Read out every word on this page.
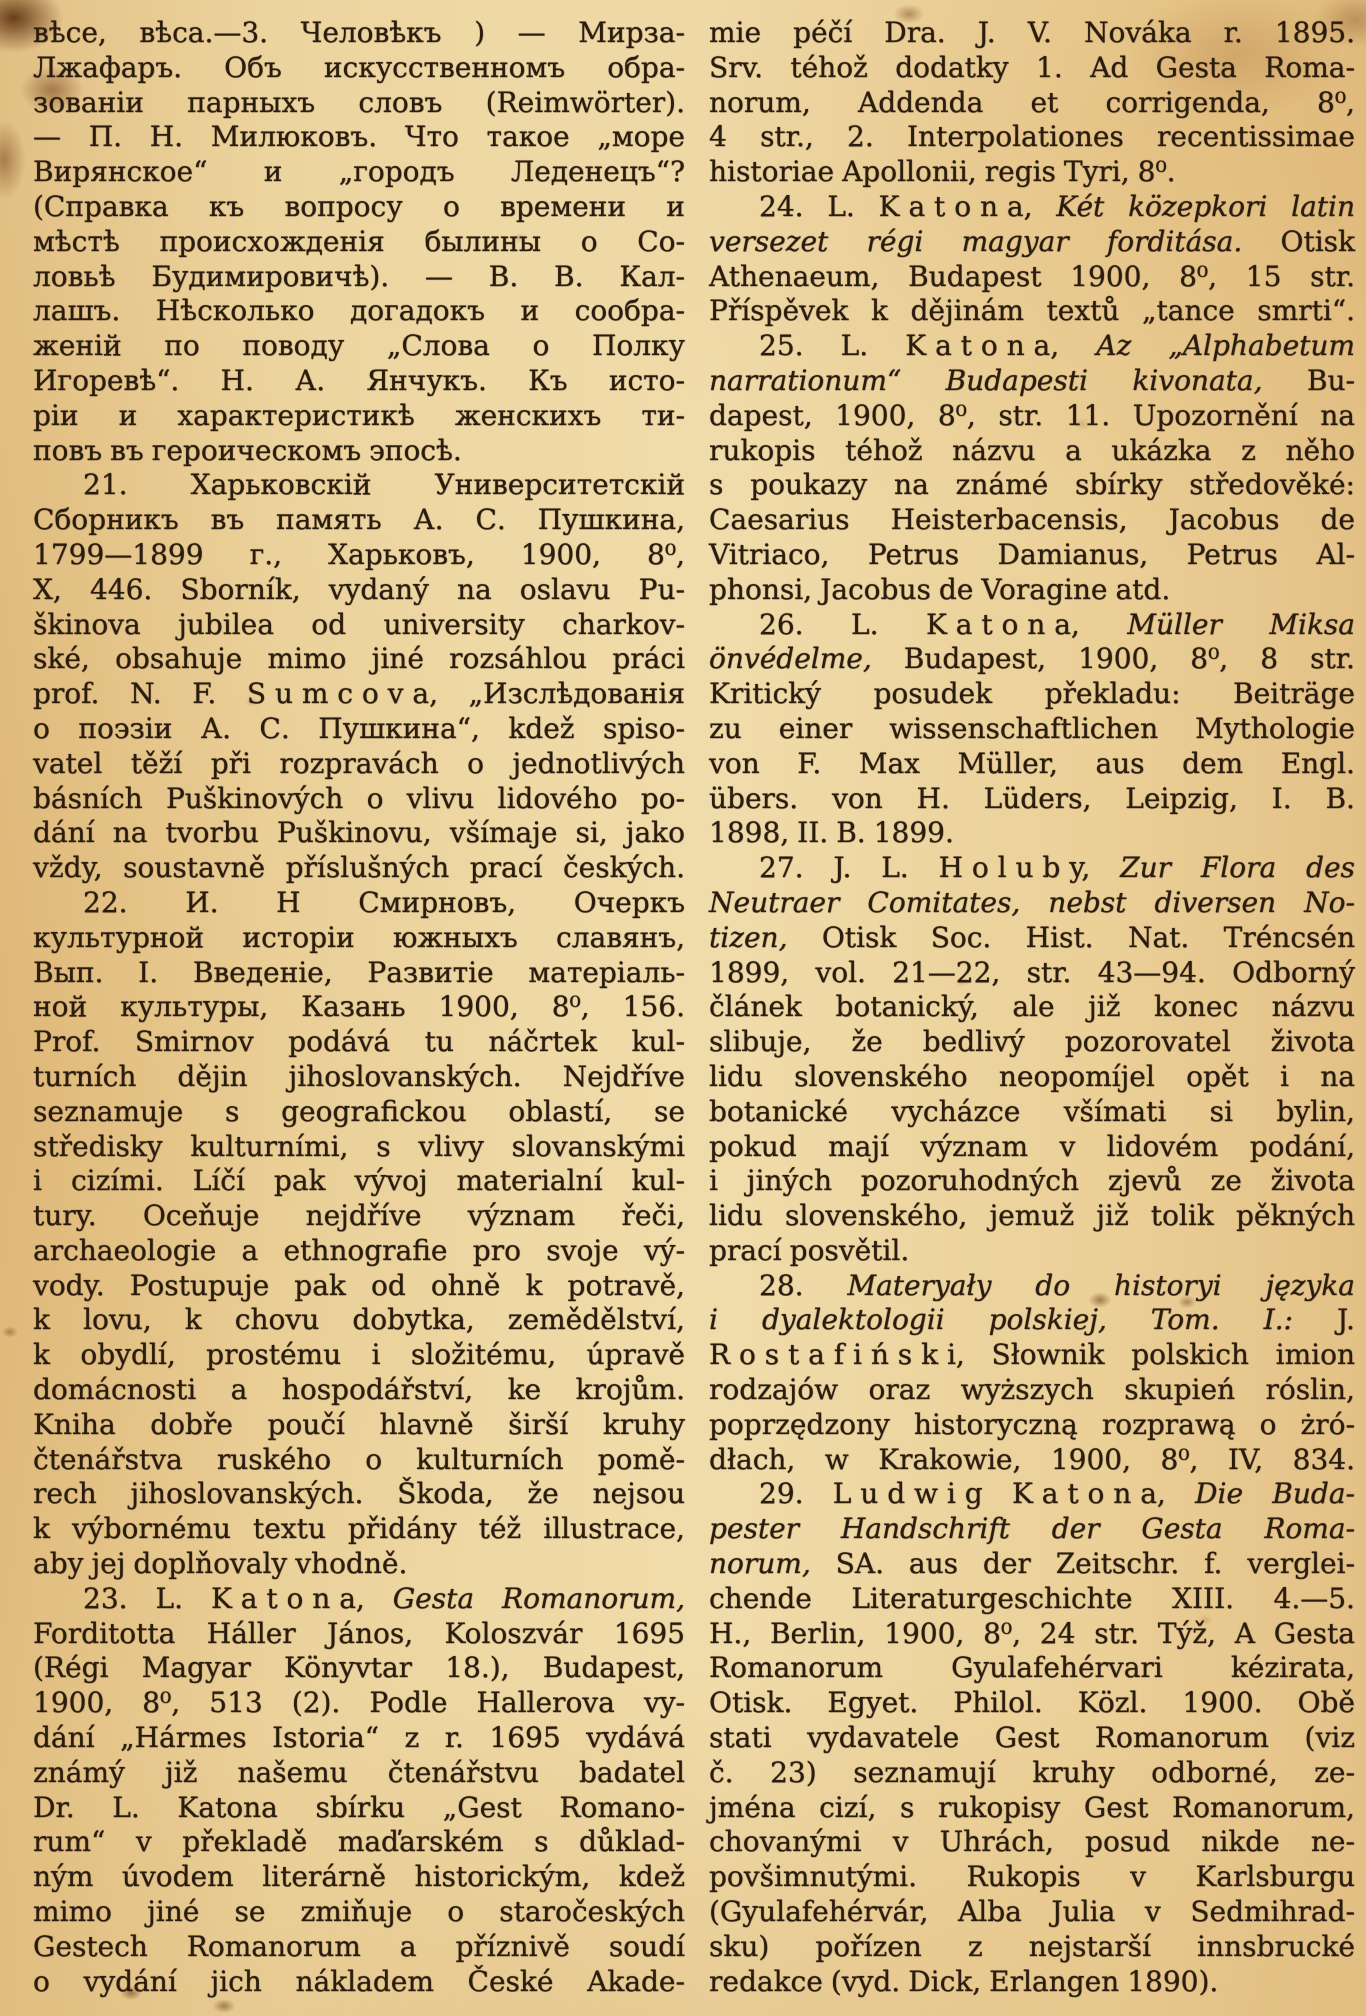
вѣсе, вѣса.—3. Человѣкъ ) — Мирза-
Лжафаръ. Объ искусственномъ обра-
зованіи парныхъ словъ (Reimwörter).
— П. Н. Милюковъ. Что такое „море
Вирянское“ и „городъ Леденецъ“?
(Справка къ вопросу о времени и
мѣстѣ происхожденія былины о Со-
ловьѣ Будимировичѣ). — В. В. Кал-
лашъ. Нѣсколько догадокъ и сообра-
женій по поводу „Слова о Полку
Игоревѣ“. Н. А. Янчукъ. Къ исто-
ріи и характеристикѣ женскихъ ти-
повъ въ героическомъ эпосѣ.
21. Харьковскій Университетскій
Сборникъ въ память А. С. Пушкина,
1799—1899 г., Харьковъ, 1900, 8⁰,
X, 446. Sborník, vydaný na oslavu Pu-
škinova jubilea od university charkov-
ské, obsahuje mimo jiné rozsáhlou práci
prof. N. F. S u m c o v a, „Изслѣдованія
о поэзіи А. С. Пушкина“, kdež spiso-
vatel těží při rozpravách o jednotlivých
básních Puškinových o vlivu lidového po-
dání na tvorbu Puškinovu, všímaje si, jako
vždy, soustavně příslušných prací českých.
22. И. Н Смирновъ, Очеркъ
культурной исторіи южныхъ славянъ,
Вып. I. Введеніе, Развитіе матеріаль-
ной культуры, Казань 1900, 8⁰, 156.
Prof. Smirnov podává tu náčrtek kul-
turních dějin jihoslovanských. Nejdříve
seznamuje s geografickou oblastí, se
středisky kulturními, s vlivy slovanskými
i cizími. Líčí pak vývoj materialní kul-
tury. Oceňuje nejdříve význam řeči,
archaeologie a ethnografie pro svoje vý-
vody. Postupuje pak od ohně k potravě,
k lovu, k chovu dobytka, zemědělství,
k obydlí, prostému i složitému, úpravě
domácnosti a hospodářství, ke krojům.
Kniha dobře poučí hlavně širší kruhy
čtenářstva ruského o kulturních pomě-
rech jihoslovanských. Škoda, že nejsou
k výbornému textu přidány též illustrace,
aby jej doplňovaly vhodně.
23. L. K a t o n a, Gesta Romanorum,
Forditotta Háller János, Koloszvár 1695
(Régi Magyar Könyvtar 18.), Budapest,
1900, 8⁰, 513 (2). Podle Hallerova vy-
dání „Hármes Istoria“ z r. 1695 vydává
známý již našemu čtenářstvu badatel
Dr. L. Katona sbírku „Gest Romano-
rum“ v překladě maďarském s důklad-
ným úvodem literárně historickým, kdež
mimo jiné se zmiňuje o staročeských
Gestech Romanorum a příznivě soudí
o vydání jich nákladem České Akade-
mie péčí Dra. J. V. Nováka r. 1895.
Srv. téhož dodatky 1. Ad Gesta Roma-
norum, Addenda et corrigenda, 8⁰,
4 str., 2. Interpolationes recentissimae
historiae Apollonii, regis Tyri, 8⁰.
24. L. K a t o n a, Két közepkori latin
versezet régi magyar forditása. Otisk
Athenaeum, Budapest 1900, 8⁰, 15 str.
Příspěvek k dějinám textů „tance smrti“.
25. L. K a t o n a, Az „Alphabetum
narrationum“ Budapesti kivonata, Bu-
dapest, 1900, 8⁰, str. 11. Upozornění na
rukopis téhož názvu a ukázka z něho
s poukazy na známé sbírky středověké:
Caesarius Heisterbacensis, Jacobus de
Vitriaco, Petrus Damianus, Petrus Al-
phonsi, Jacobus de Voragine atd.
26. L. K a t o n a, Müller Miksa
önvédelme, Budapest, 1900, 8⁰, 8 str.
Kritický posudek překladu: Beiträge
zu einer wissenschaftlichen Mythologie
von F. Max Müller, aus dem Engl.
übers. von H. Lüders, Leipzig, I. B.
1898, II. B. 1899.
27. J. L. H o l u b y, Zur Flora des
Neutraer Comitates, nebst diversen No-
tizen, Otisk Soc. Hist. Nat. Tréncsén
1899, vol. 21—22, str. 43—94. Odborný
článek botanický, ale již konec názvu
slibuje, že bedlivý pozorovatel života
lidu slovenského neopomíjel opět i na
botanické vycházce všímati si bylin,
pokud mají význam v lidovém podání,
i jiných pozoruhodných zjevů ze života
lidu slovenského, jemuž již tolik pěkných
prací posvětil.
28. Materyały do historyi języka
i dyalektologii polskiej, Tom. I.: J.
R o s t a f i ń s k i, Słownik polskich imion
rodzajów oraz wyższych skupień róslin,
poprzędzony historyczną rozprawą o żró-
dłach, w Krakowie, 1900, 8⁰, IV, 834.
29. L u d w i g K a t o n a, Die Buda-
pester Handschrift der Gesta Roma-
norum, SA. aus der Zeitschr. f. verglei-
chende Literaturgeschichte XIII. 4.—5.
H., Berlin, 1900, 8⁰, 24 str. Týž, A Gesta
Romanorum Gyulafehérvari kézirata,
Otisk. Egyet. Philol. Közl. 1900. Obě
stati vydavatele Gest Romanorum (viz
č. 23) seznamují kruhy odborné, ze-
jména cizí, s rukopisy Gest Romanorum,
chovanými v Uhrách, posud nikde ne-
povšimnutými. Rukopis v Karlsburgu
(Gyulafehérvár, Alba Julia v Sedmihrad-
sku) pořízen z nejstarší innsbrucké
redakce (vyd. Dick, Erlangen 1890).
